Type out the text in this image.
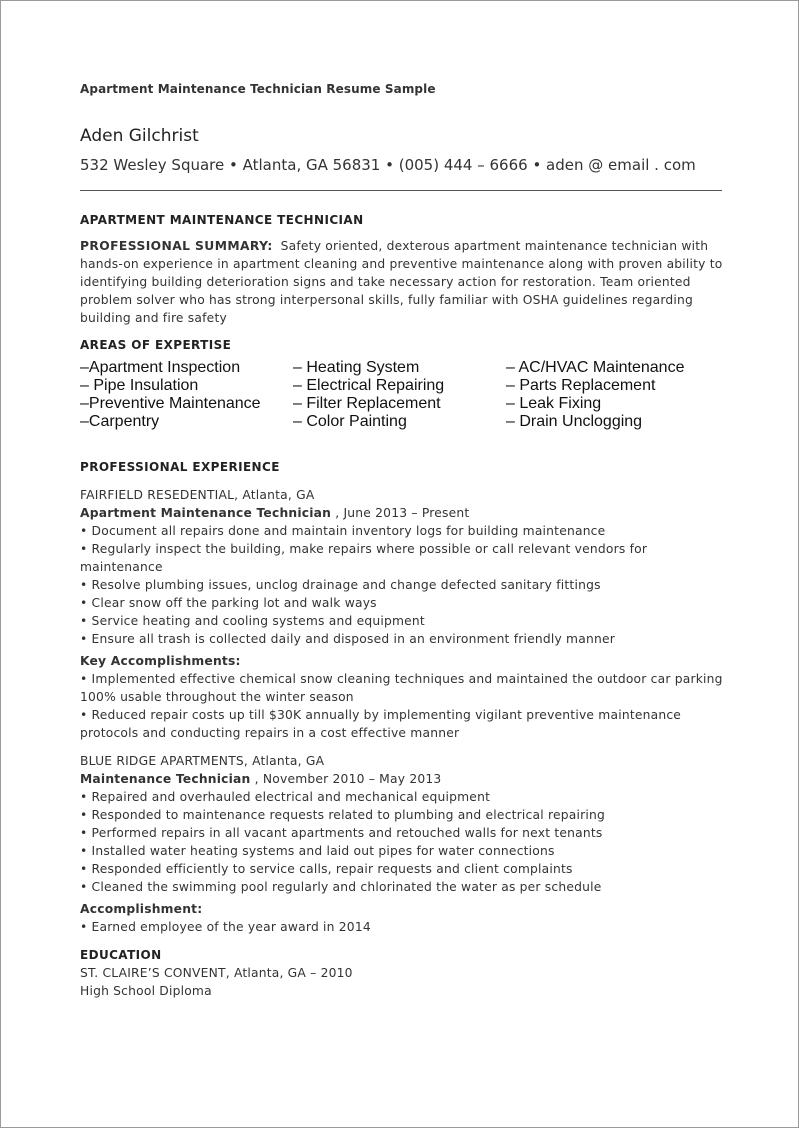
Apartment Maintenance Technician Resume Sample

Aden Gilchrist
532 Wesley Square • Atlanta, GA 56831 • (005) 444 – 6666 • aden @ email . com
APARTMENT MAINTENANCE TECHNICIAN
PROFESSIONAL SUMMARY: Safety oriented, dexterous apartment maintenance technician with hands-on experience in apartment cleaning and preventive maintenance along with proven ability to identifying building deterioration signs and take necessary action for restoration. Team oriented problem solver who has strong interpersonal skills, fully familiar with OSHA guidelines regarding building and fire safety
AREAS OF EXPERTISE
–Apartment Inspection	– Heating System	– AC/HVAC Maintenance
– Pipe Insulation	– Electrical Repairing	– Parts Replacement
–Preventive Maintenance	– Filter Replacement	– Leak Fixing
–Carpentry	– Color Painting	– Drain Unclogging
PROFESSIONAL EXPERIENCE
FAIRFIELD RESEDENTIAL, Atlanta, GA
Apartment Maintenance Technician , June 2013 – Present
• Document all repairs done and maintain inventory logs for building maintenance
• Regularly inspect the building, make repairs where possible or call relevant vendors for maintenance
• Resolve plumbing issues, unclog drainage and change defected sanitary fittings
• Clear snow off the parking lot and walk ways
• Service heating and cooling systems and equipment
• Ensure all trash is collected daily and disposed in an environment friendly manner
Key Accomplishments:
• Implemented effective chemical snow cleaning techniques and maintained the outdoor car parking 100% usable throughout the winter season
• Reduced repair costs up till $30K annually by implementing vigilant preventive maintenance protocols and conducting repairs in a cost effective manner
BLUE RIDGE APARTMENTS, Atlanta, GA
Maintenance Technician , November 2010 – May 2013
• Repaired and overhauled electrical and mechanical equipment
• Responded to maintenance requests related to plumbing and electrical repairing
• Performed repairs in all vacant apartments and retouched walls for next tenants
• Installed water heating systems and laid out pipes for water connections
• Responded efficiently to service calls, repair requests and client complaints
• Cleaned the swimming pool regularly and chlorinated the water as per schedule
Accomplishment:
• Earned employee of the year award in 2014
EDUCATION
ST. CLAIRE’S CONVENT, Atlanta, GA – 2010
High School Diploma
